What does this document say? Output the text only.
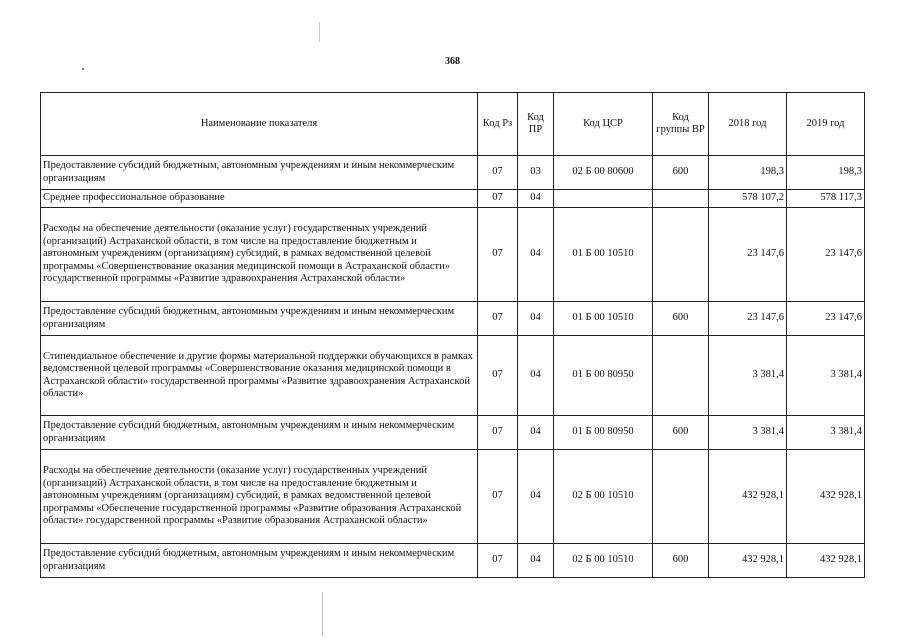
368
Наименование показателя	Код Рз	Код ПР	Код ЦСР	Код группы ВР	2018 год	2019 год
Предоставление субсидий бюджетным, автономным учреждениям и иным некоммерческим организациям	07	03	02 Б 00 80600	600	198,3	198,3
Среднее профессиональное образование	07	04			578 107,2	578 117,3
Расходы на обеспечение деятельности (оказание услуг) государственных учреждений (организаций) Астраханской области, в том числе на предоставление бюджетным и автономным учреждениям (организациям) субсидий, в рамках ведомственной целевой программы «Совершенствование оказания медицинской помощи в Астраханской области» государственной программы «Развитие здравоохранения Астраханской области»	07	04	01 Б 00 10510		23 147,6	23 147,6
Предоставление субсидий бюджетным, автономным учреждениям и иным некоммерческим организациям	07	04	01 Б 00 10510	600	23 147,6	23 147,6
Стипендиальное обеспечение и другие формы материальной поддержки обучающихся в рамках ведомственной целевой программы «Совершенствование оказания медицинской помощи в Астраханской области» государственной программы «Развитие здравоохранения Астраханской области»	07	04	01 Б 00 80950		3 381,4	3 381,4
Предоставление субсидий бюджетным, автономным учреждениям и иным некоммерческим организациям	07	04	01 Б 00 80950	600	3 381,4	3 381,4
Расходы на обеспечение деятельности (оказание услуг) государственных учреждений (организаций) Астраханской области, в том числе на предоставление бюджетным и автономным учреждениям (организациям) субсидий, в рамках ведомственной целевой программы «Обеспечение государственной программы «Развитие образования Астраханской области» государственной программы «Развитие образования Астраханской области»	07	04	02 Б 00 10510		432 928,1	432 928,1
Предоставление субсидий бюджетным, автономным учреждениям и иным некоммерческим организациям	07	04	02 Б 00 10510	600	432 928,1	432 928,1
